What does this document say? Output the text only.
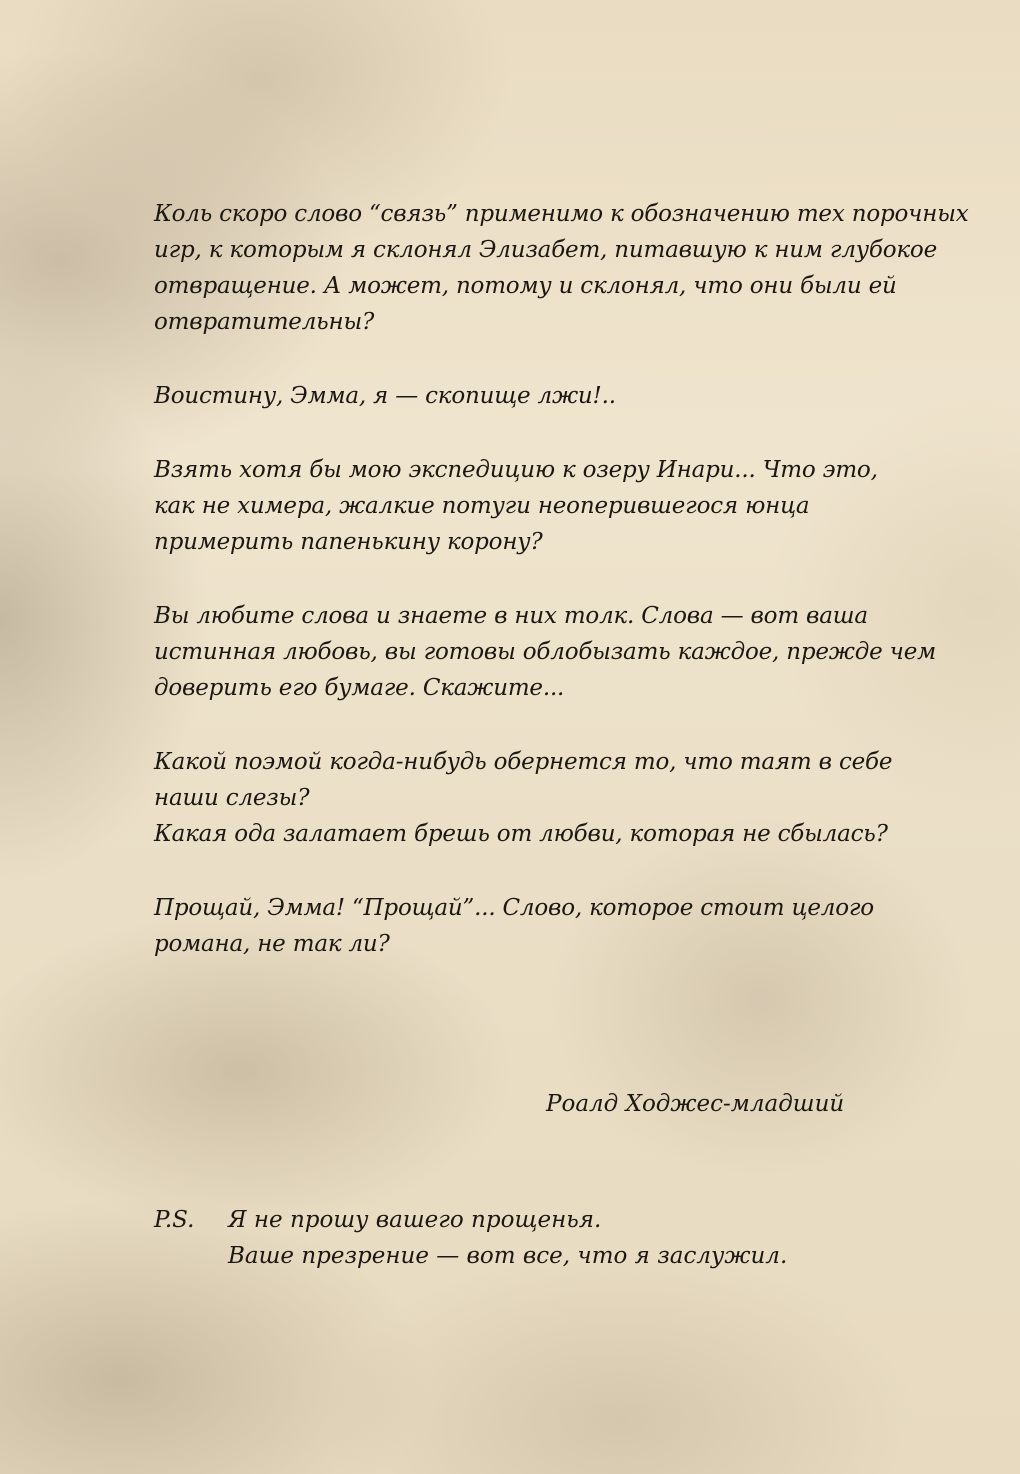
Коль скоро слово “связь” применимо к обозначению тех порочных
игр, к которым я склонял Элизабет, питавшую к ним глубокое
отвращение. А может, потому и склонял, что они были ей
отвратительны?

Воистину, Эмма, я — скопище лжи!..

Взять хотя бы мою экспедицию к озеру Инари... Что это,
как не химера, жалкие потуги неоперившегося юнца
примерить папенькину корону?

Вы любите слова и знаете в них толк. Слова — вот ваша
истинная любовь, вы готовы облобызать каждое, прежде чем
доверить его бумаге. Скажите...

Какой поэмой когда-нибудь обернется то, что таят в себе
наши слезы?
Какая ода залатает брешь от любви, которая не сбылась?

Прощай, Эмма! “Прощай”... Слово, которое стоит целого
романа, не так ли?

Роалд Ходжес-младший
P.S. Я не прошу вашего прощенья.
Ваше презрение — вот все, что я заслужил.
